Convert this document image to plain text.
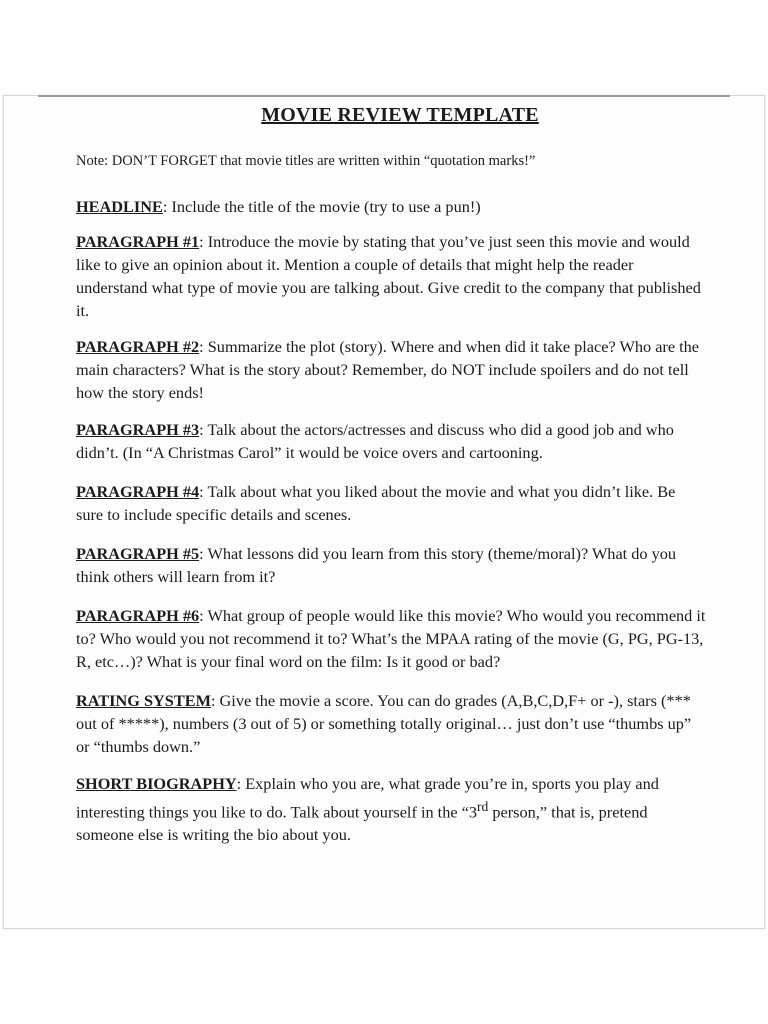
MOVIE REVIEW TEMPLATE

Note: DON’T FORGET that movie titles are written within “quotation marks!”

HEADLINE: Include the title of the movie (try to use a pun!)

PARAGRAPH #1: Introduce the movie by stating that you’ve just seen this movie and would like to give an opinion about it. Mention a couple of details that might help the reader understand what type of movie you are talking about. Give credit to the company that published it.

PARAGRAPH #2: Summarize the plot (story). Where and when did it take place? Who are the main characters? What is the story about? Remember, do NOT include spoilers and do not tell how the story ends!

PARAGRAPH #3: Talk about the actors/actresses and discuss who did a good job and who didn’t. (In “A Christmas Carol” it would be voice overs and cartooning.

PARAGRAPH #4: Talk about what you liked about the movie and what you didn’t like. Be sure to include specific details and scenes.

PARAGRAPH #5: What lessons did you learn from this story (theme/moral)? What do you think others will learn from it?

PARAGRAPH #6: What group of people would like this movie? Who would you recommend it to? Who would you not recommend it to? What’s the MPAA rating of the movie (G, PG, PG-13, R, etc…)? What is your final word on the film: Is it good or bad?

RATING SYSTEM: Give the movie a score. You can do grades (A,B,C,D,F+ or -), stars (*** out of *****), numbers (3 out of 5) or something totally original… just don’t use “thumbs up” or “thumbs down.”

SHORT BIOGRAPHY: Explain who you are, what grade you’re in, sports you play and interesting things you like to do. Talk about yourself in the “3rd person,” that is, pretend someone else is writing the bio about you.
